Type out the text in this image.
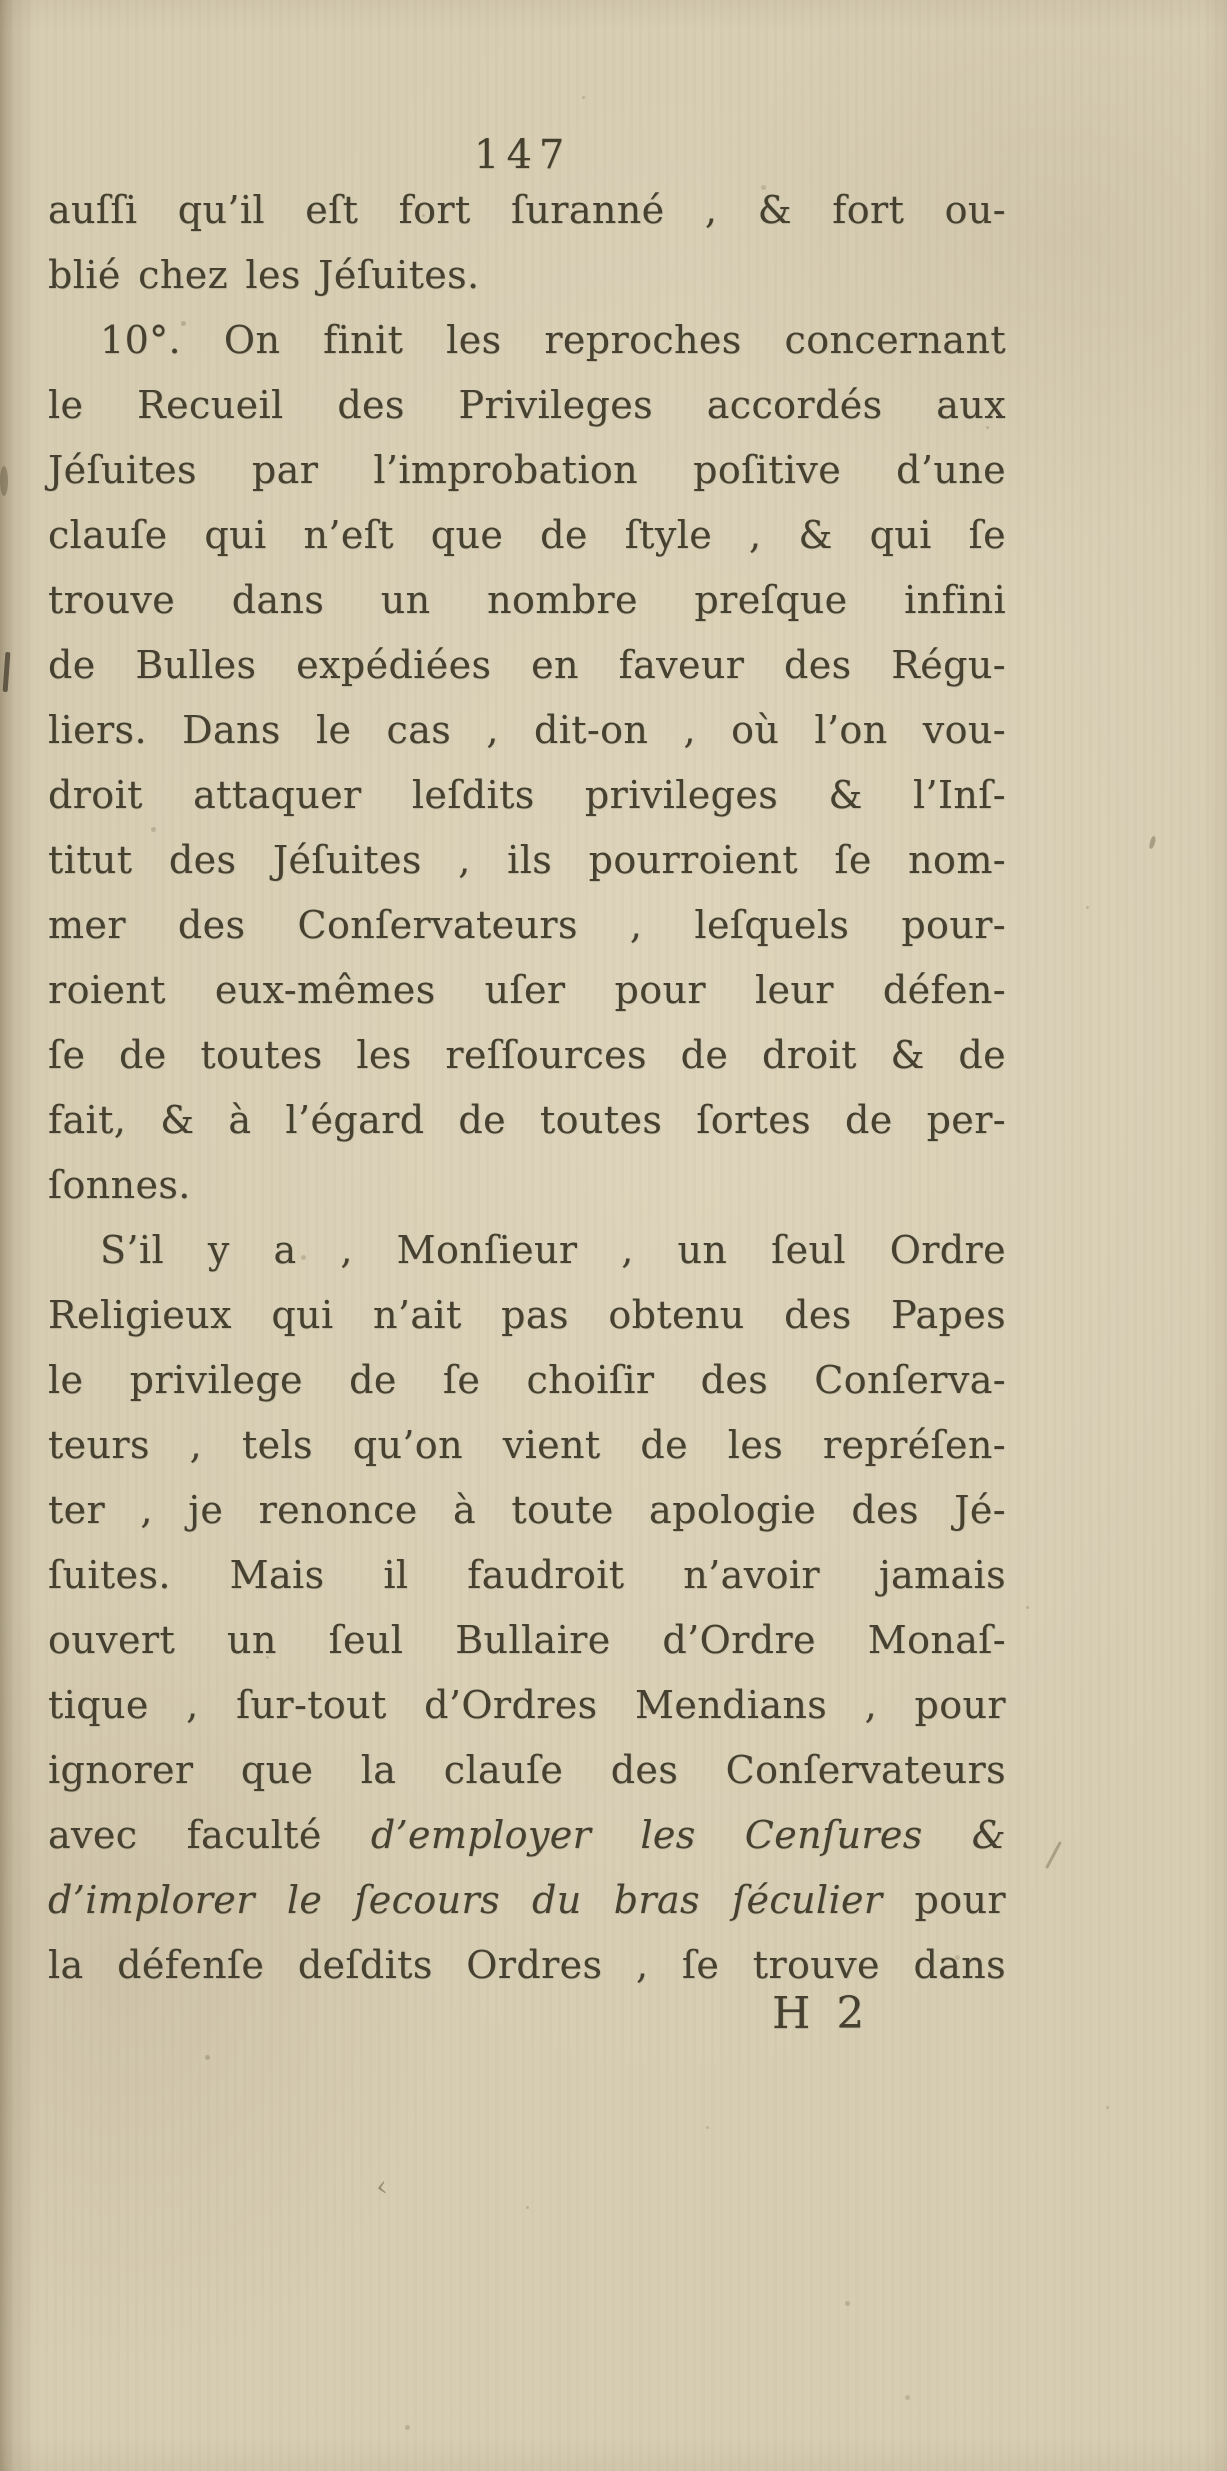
147
auſſi qu’il eſt fort ſuranné , & fort ou-
blié chez les Jéſuites.
10°. On finit les reproches concernant
le Recueil des Privileges accordés aux
Jéſuites par l’improbation poſitive d’une
clauſe qui n’eſt que de ſtyle , & qui ſe
trouve dans un nombre preſque infini
de Bulles expédiées en faveur des Régu-
liers. Dans le cas , dit-on , où l’on vou-
droit attaquer leſdits privileges & l’Inſ-
titut des Jéſuites , ils pourroient ſe nom-
mer des Conſervateurs , leſquels pour-
roient eux-mêmes uſer pour leur défen-
ſe de toutes les reſſources de droit & de
fait, & à l’égard de toutes ſortes de per-
ſonnes.
S’il y a , Monſieur , un ſeul Ordre
Religieux qui n’ait pas obtenu des Papes
le privilege de ſe choiſir des Conſerva-
teurs , tels qu’on vient de les repréſen-
ter , je renonce à toute apologie des Jé-
ſuites. Mais il faudroit n’avoir jamais
ouvert un ſeul Bullaire d’Ordre Monaſ-
tique , ſur-tout d’Ordres Mendians , pour
ignorer que la clauſe des Conſervateurs
avec faculté d’employer les Cenſures &
d’implorer le ſecours du bras ſéculier pour
la défenſe deſdits Ordres , ſe trouve dans
H 2
‹
